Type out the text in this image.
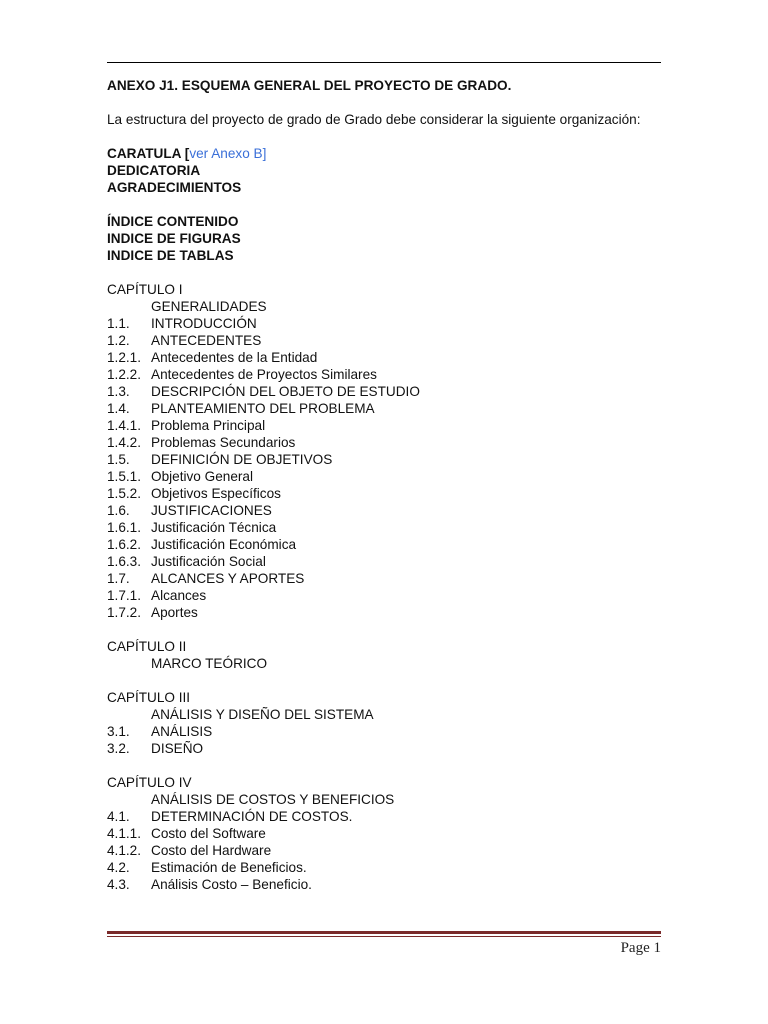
ANEXO J1. ESQUEMA GENERAL DEL PROYECTO DE GRADO.
La estructura del proyecto de grado de Grado debe considerar la siguiente organización:
CARATULA [ver Anexo B]
DEDICATORIA
AGRADECIMIENTOS
ÍNDICE CONTENIDO
INDICE DE FIGURAS
INDICE DE TABLAS
CAPÍTULO I
GENERALIDADES
1.1. INTRODUCCIÓN
1.2. ANTECEDENTES
1.2.1. Antecedentes de la Entidad
1.2.2. Antecedentes de Proyectos Similares
1.3. DESCRIPCIÓN DEL OBJETO DE ESTUDIO
1.4. PLANTEAMIENTO DEL PROBLEMA
1.4.1. Problema Principal
1.4.2. Problemas Secundarios
1.5. DEFINICIÓN DE OBJETIVOS
1.5.1. Objetivo General
1.5.2. Objetivos Específicos
1.6. JUSTIFICACIONES
1.6.1. Justificación Técnica
1.6.2. Justificación Económica
1.6.3. Justificación Social
1.7. ALCANCES Y APORTES
1.7.1. Alcances
1.7.2. Aportes
CAPÍTULO II
MARCO TEÓRICO
CAPÍTULO III
ANÁLISIS Y DISEÑO DEL SISTEMA
3.1. ANÁLISIS
3.2. DISEÑO
CAPÍTULO IV
ANÁLISIS DE COSTOS Y BENEFICIOS
4.1. DETERMINACIÓN DE COSTOS.
4.1.1. Costo del Software
4.1.2. Costo del Hardware
4.2. Estimación de Beneficios.
4.3. Análisis Costo – Beneficio.
Page 1
